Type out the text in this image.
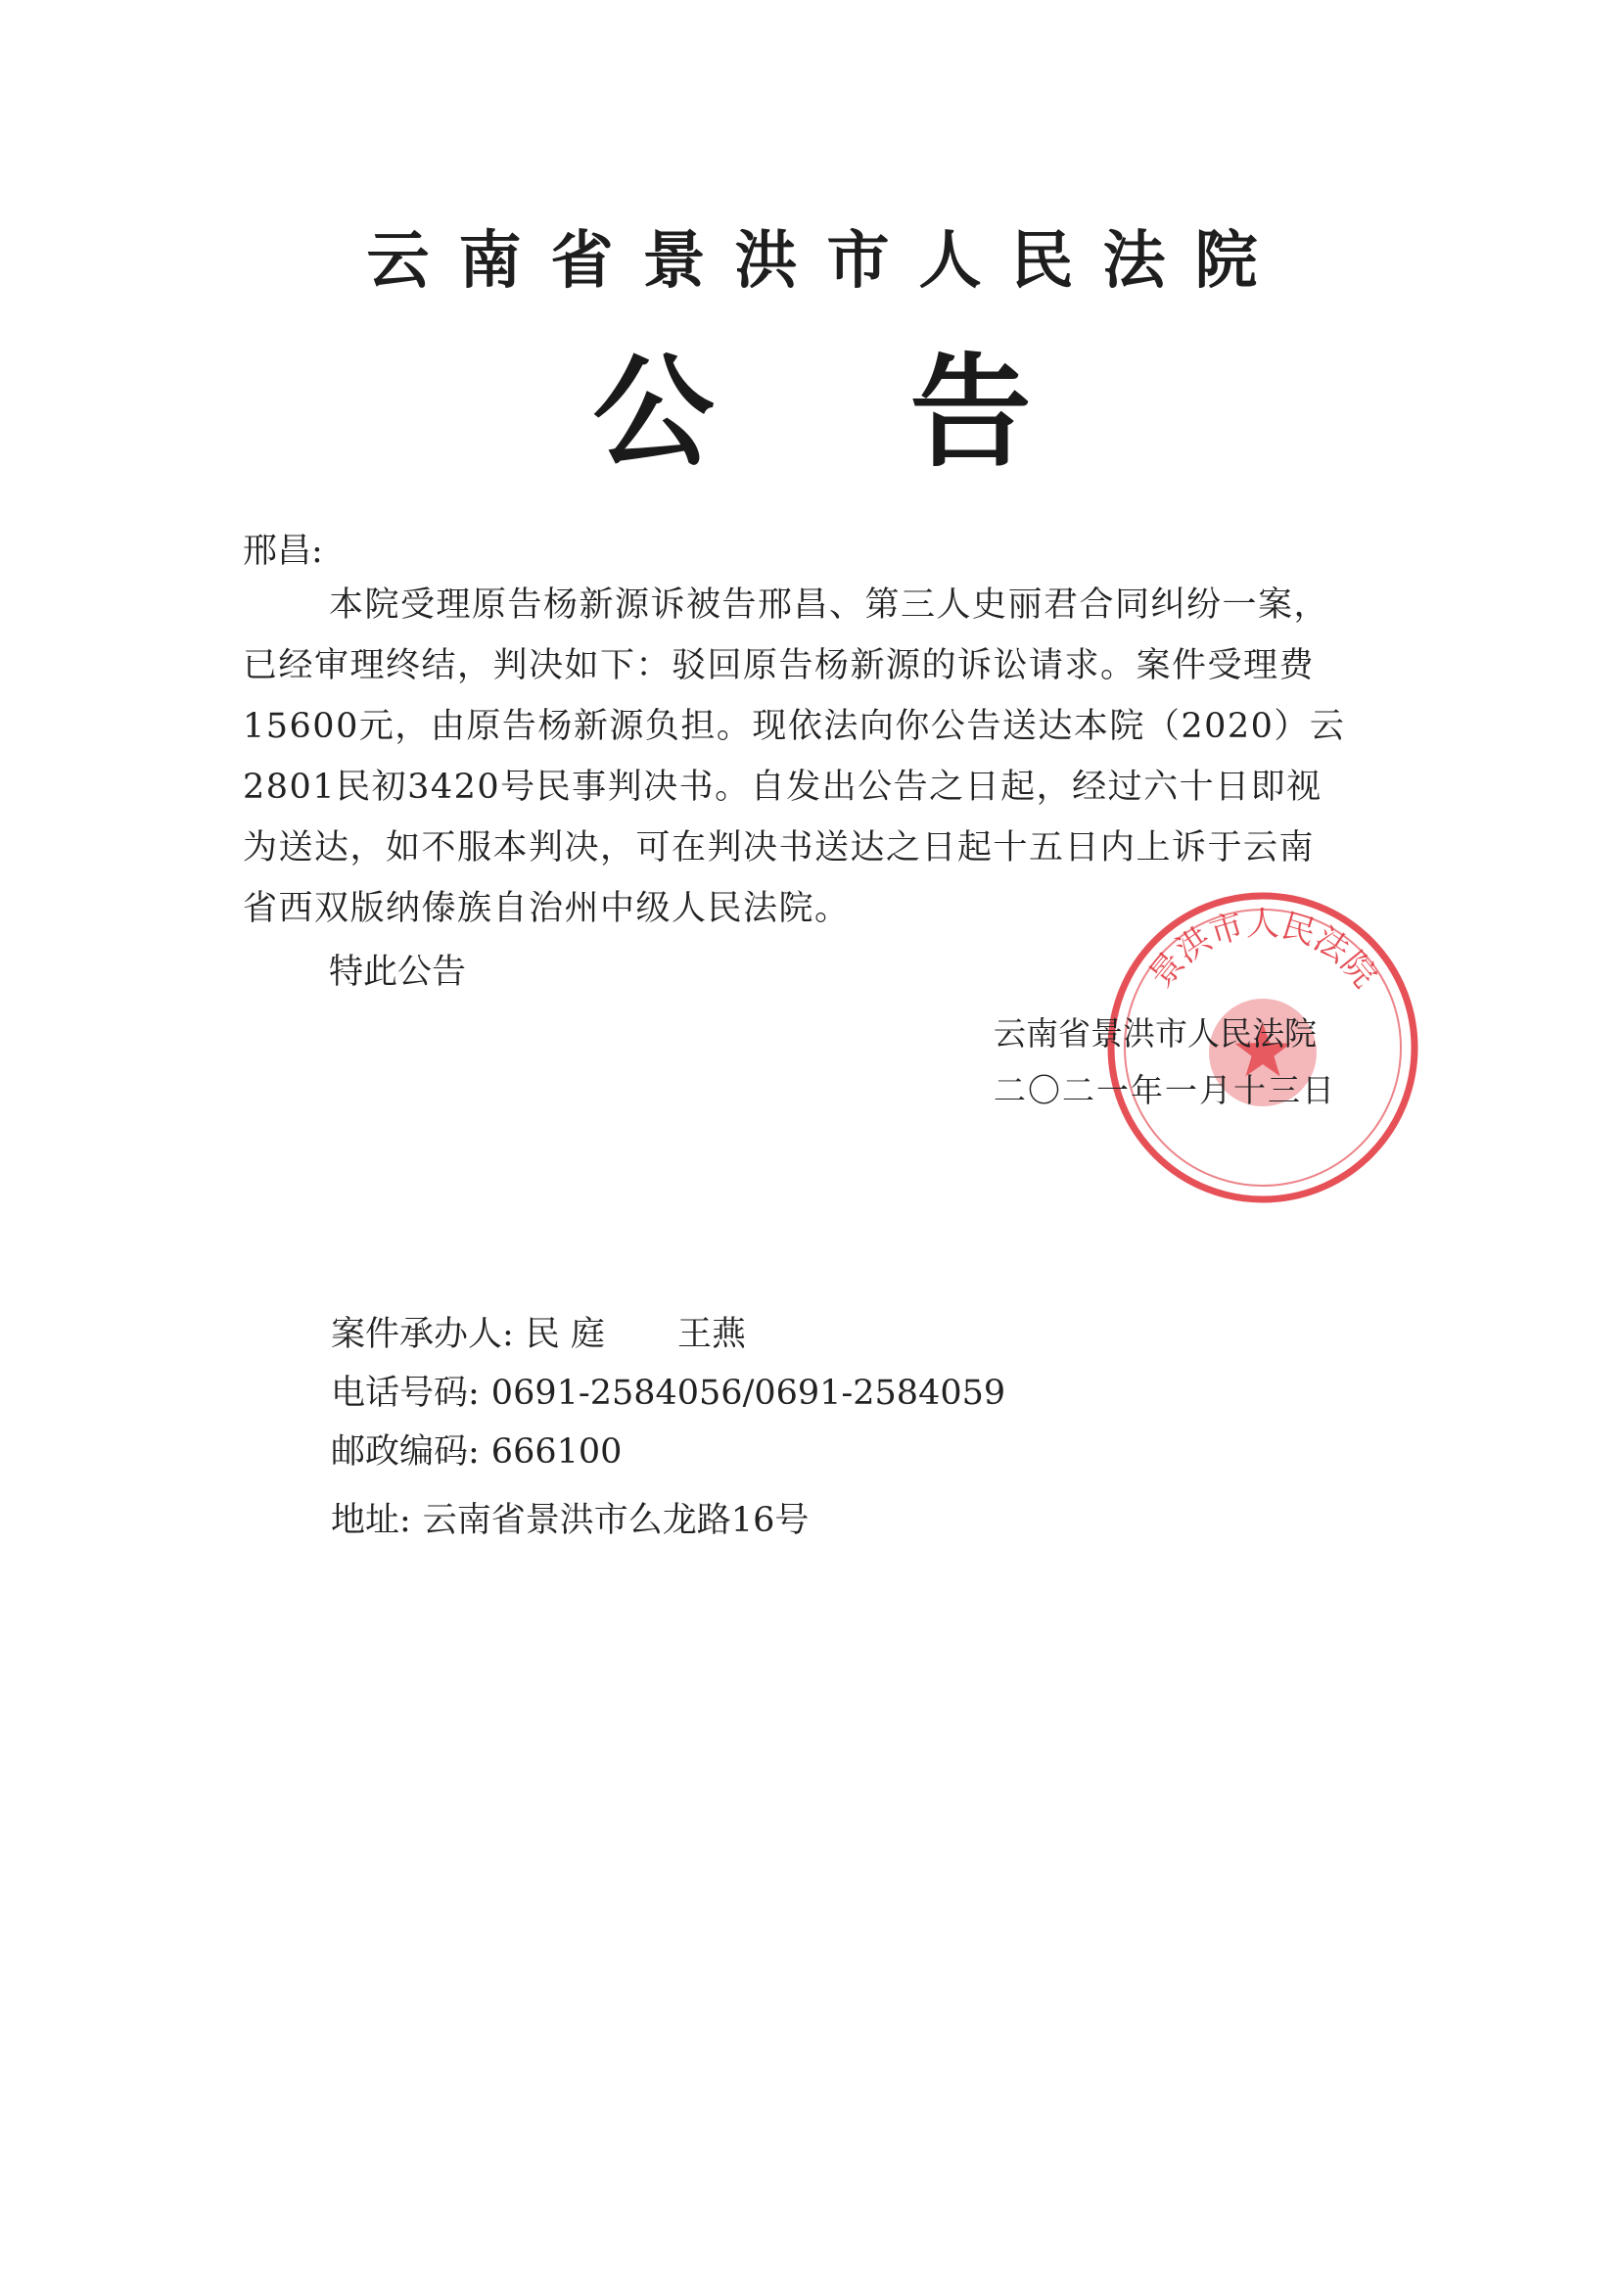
云南省景洪市人民法院
公告
邢昌:
本院受理原告杨新源诉被告邢昌、第三人史丽君合同纠纷一案，
已经审理终结，判决如下：驳回原告杨新源的诉讼请求。案件受理费
15600元，由原告杨新源负担。现依法向你公告送达本院（2020）云
2801民初3420号民事判决书。自发出公告之日起，经过六十日即视
为送达，如不服本判决，可在判决书送达之日起十五日内上诉于云南
省西双版纳傣族自治州中级人民法院。
特此公告	景洪市人民法院
云南省景洪市人民法院
二〇二一年一月十三日
案件承办人: 民 庭 王燕
电话号码: 0691-2584056/0691-2584059
邮政编码: 666100
地址: 云南省景洪市么龙路16号
